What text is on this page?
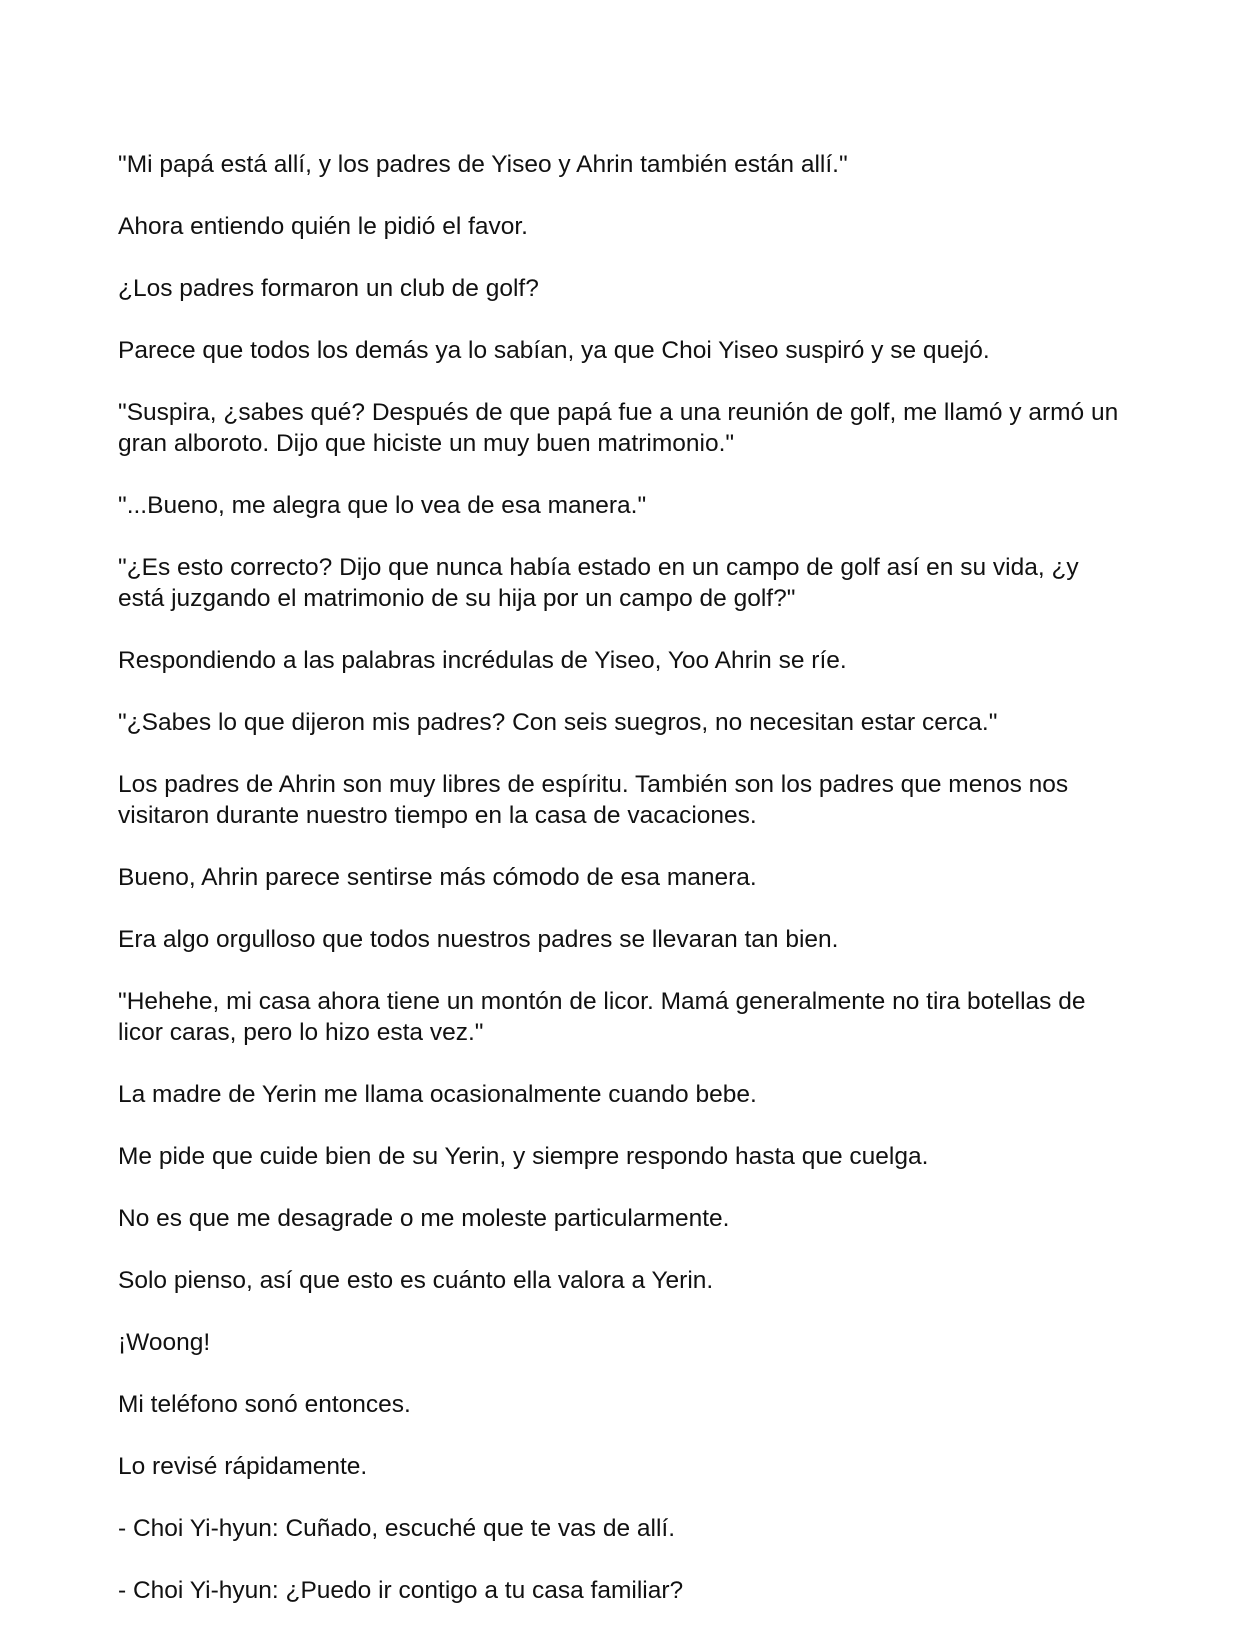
"Mi papá está allí, y los padres de Yiseo y Ahrin también están allí."

Ahora entiendo quién le pidió el favor.

¿Los padres formaron un club de golf?

Parece que todos los demás ya lo sabían, ya que Choi Yiseo suspiró y se quejó.

"Suspira, ¿sabes qué? Después de que papá fue a una reunión de golf, me llamó y armó un gran alboroto. Dijo que hiciste un muy buen matrimonio."

"...Bueno, me alegra que lo vea de esa manera."

"¿Es esto correcto? Dijo que nunca había estado en un campo de golf así en su vida, ¿y está juzgando el matrimonio de su hija por un campo de golf?"

Respondiendo a las palabras incrédulas de Yiseo, Yoo Ahrin se ríe.

"¿Sabes lo que dijeron mis padres? Con seis suegros, no necesitan estar cerca."

Los padres de Ahrin son muy libres de espíritu. También son los padres que menos nos visitaron durante nuestro tiempo en la casa de vacaciones.

Bueno, Ahrin parece sentirse más cómodo de esa manera.

Era algo orgulloso que todos nuestros padres se llevaran tan bien.

"Hehehe, mi casa ahora tiene un montón de licor. Mamá generalmente no tira botellas de licor caras, pero lo hizo esta vez."

La madre de Yerin me llama ocasionalmente cuando bebe.

Me pide que cuide bien de su Yerin, y siempre respondo hasta que cuelga.

No es que me desagrade o me moleste particularmente.

Solo pienso, así que esto es cuánto ella valora a Yerin.

¡Woong!

Mi teléfono sonó entonces.

Lo revisé rápidamente.

- Choi Yi-hyun: Cuñado, escuché que te vas de allí.

- Choi Yi-hyun: ¿Puedo ir contigo a tu casa familiar?
